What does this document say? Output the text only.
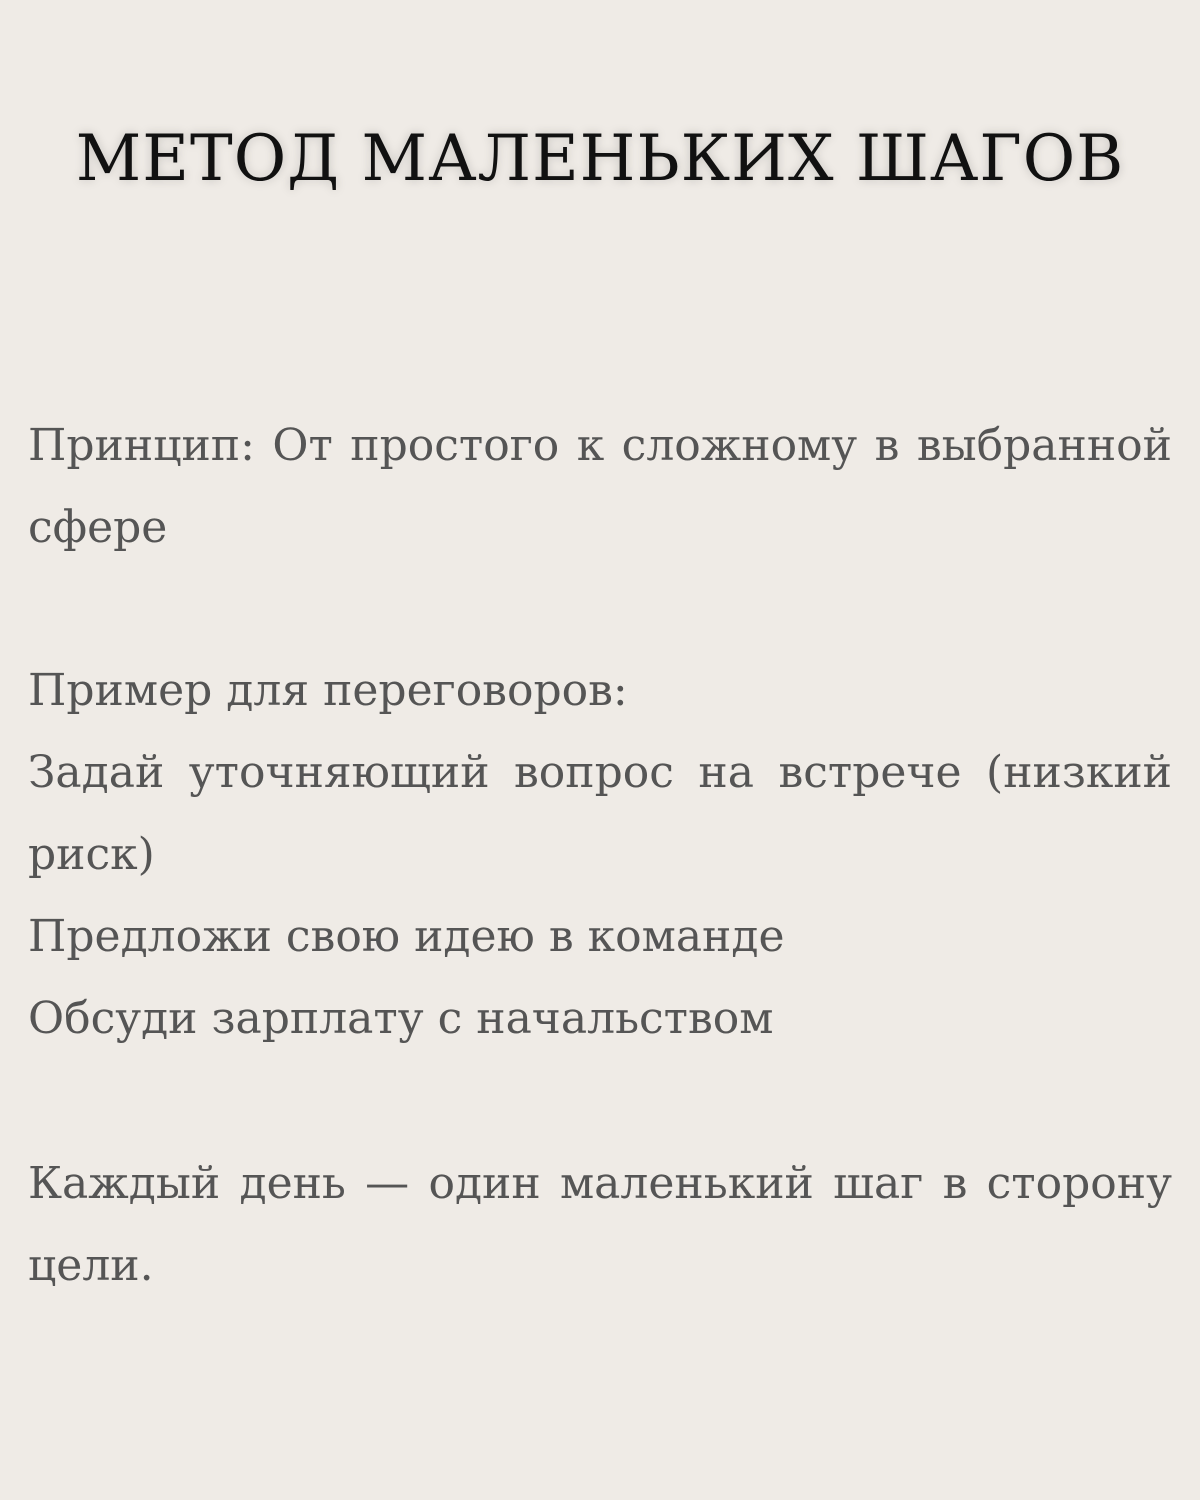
МЕТОД МАЛЕНЬКИХ ШАГОВ

Принцип: От простого к сложному в выбранной сфере

Пример для переговоров:
Задай уточняющий вопрос на встрече (низкий риск)
Предложи свою идею в команде
Обсуди зарплату с начальством

Каждый день — один маленький шаг в сторону цели.
